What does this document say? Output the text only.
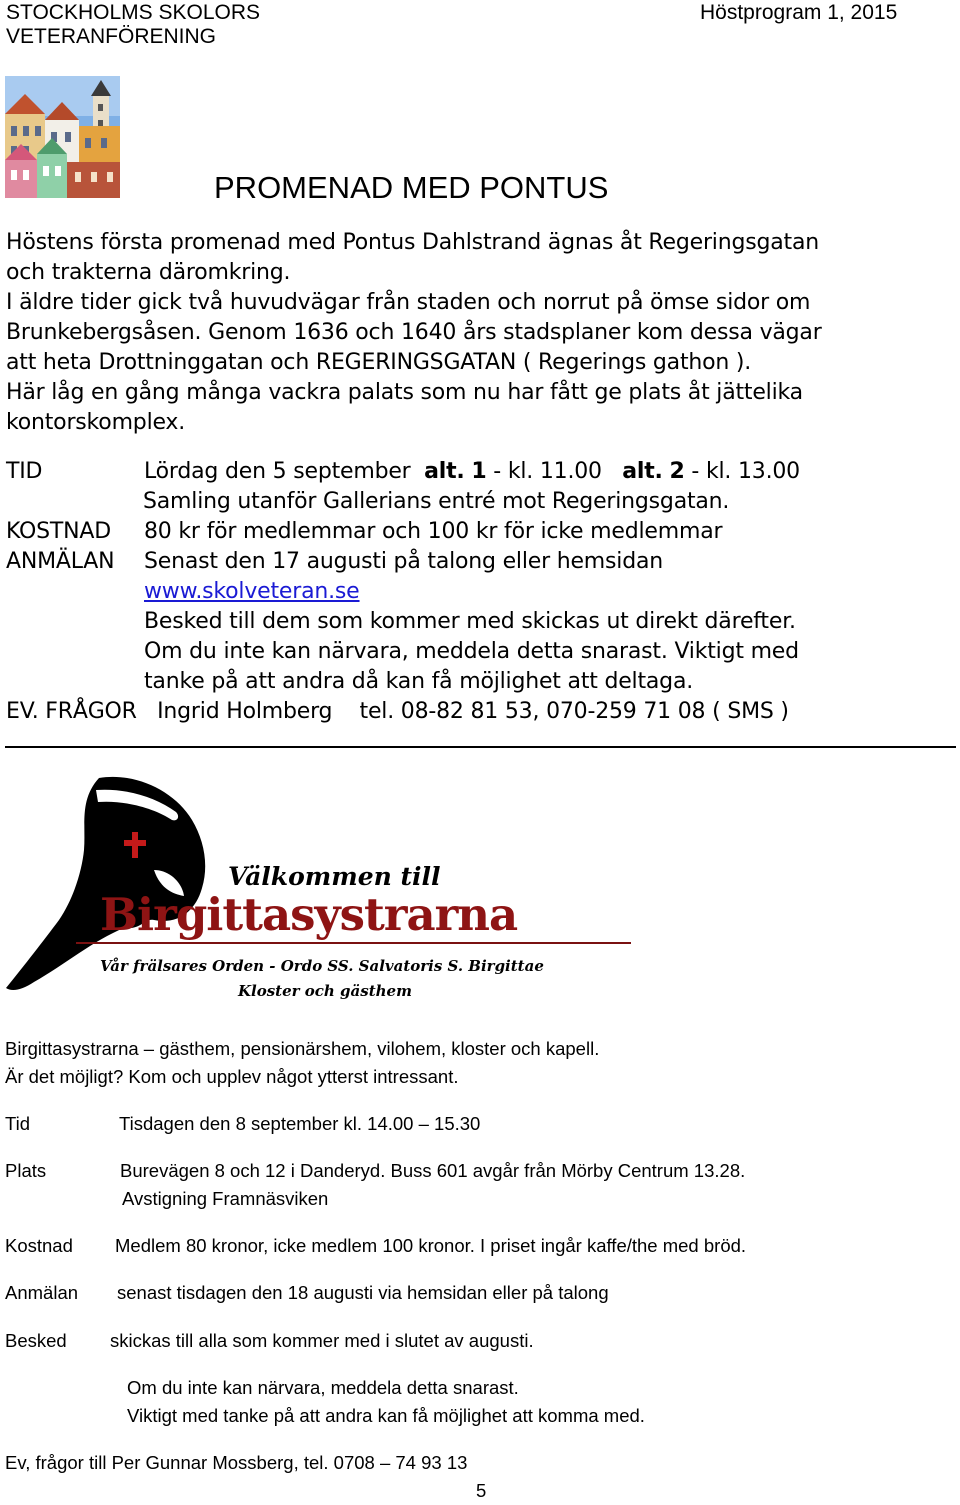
STOCKHOLMS SKOLORS
VETERANFÖRENING
Höstprogram 1, 2015
PROMENAD MED PONTUS
Höstens första promenad med Pontus Dahlstrand ägnas åt Regeringsgatan
och trakterna däromkring.
I äldre tider gick två huvudvägar från staden och norrut på ömse sidor om
Brunkebergsåsen. Genom 1636 och 1640 års stadsplaner kom dessa vägar
att heta Drottninggatan och REGERINGSGATAN ( Regerings gathon ).
Här låg en gång många vackra palats som nu har fått ge plats åt jättelika
kontorskomplex.
TID	Lördag den 5 september alt. 1 - kl. 11.00 alt. 2 - kl. 13.00
Samling utanför Gallerians entré mot Regeringsgatan.
KOSTNAD 80 kr för medlemmar och 100 kr för icke medlemmar
ANMÄLAN Senast den 17 augusti på talong eller hemsidan
www.skolveteran.se
Besked till dem som kommer med skickas ut direkt därefter.
Om du inte kan närvara, meddela detta snarast. Viktigt med
tanke på att andra då kan få möjlighet att deltaga.
EV. FRÅGOR Ingrid Holmberg tel. 08-82 81 53, 070-259 71 08 ( SMS )
Välkommen till
Birgittasystrarna
Vår frälsares Orden - Ordo SS. Salvatoris S. Birgittae
Kloster och gästhem
Birgittasystrarna – gästhem, pensionärshem, vilohem, kloster och kapell.
Är det möjligt? Kom och upplev något ytterst intressant.
Tid	Tisdagen den 8 september kl. 14.00 – 15.30
Plats	Burevägen 8 och 12 i Danderyd. Buss 601 avgår från Mörby Centrum 13.28.
Avstigning Framnäsviken
Kostnad Medlem 80 kronor, icke medlem 100 kronor. I priset ingår kaffe/the med bröd.
Anmälan senast tisdagen den 18 augusti via hemsidan eller på talong
Besked skickas till alla som kommer med i slutet av augusti.
Om du inte kan närvara, meddela detta snarast.
Viktigt med tanke på att andra kan få möjlighet att komma med.
Ev, frågor till Per Gunnar Mossberg, tel. 0708 – 74 93 13
5
